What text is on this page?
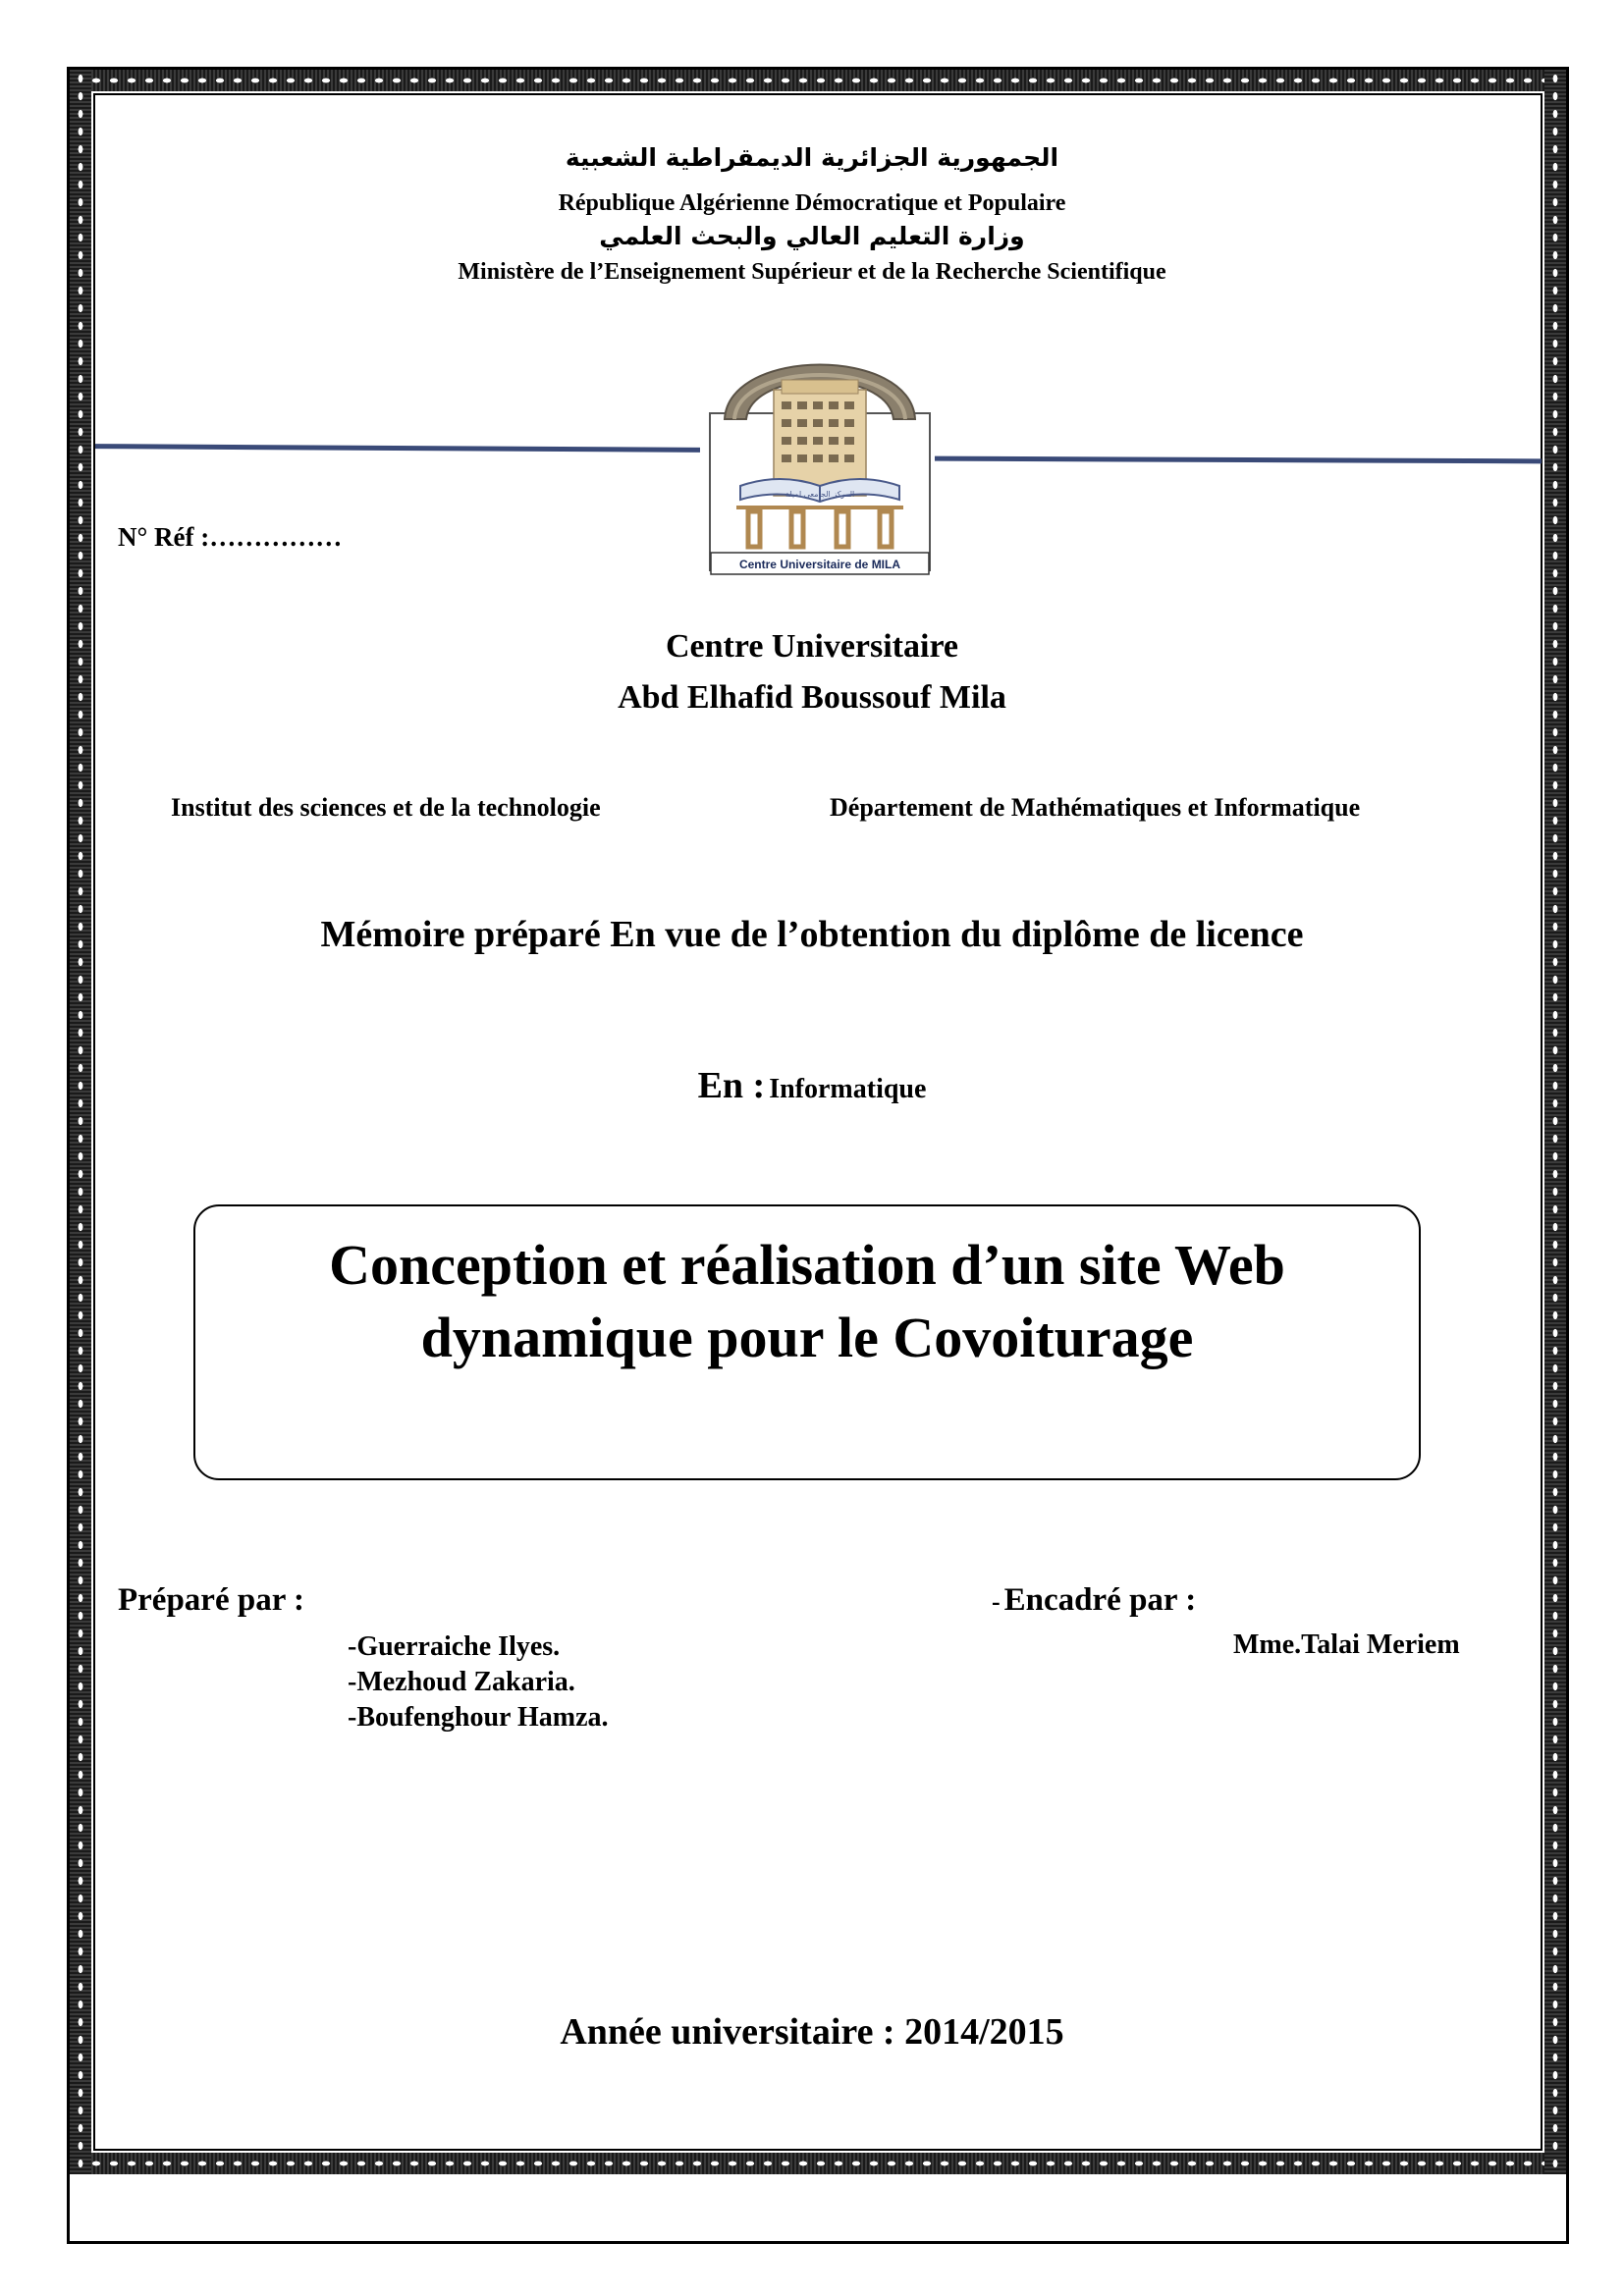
الجمهورية الجزائرية الديمقراطية الشعبية
République Algérienne Démocratique et Populaire
وزارة التعليم العالي والبحث العلمي
Ministère de l’Enseignement Supérieur et de la Recherche Scientifique
Centre Universitaire de MILA
المركز الجامعي لميلة
N° Réf :……………
Centre Universitaire
Abd Elhafid Boussouf Mila
Institut des sciences et de la technologie	Département de Mathématiques et Informatique
Mémoire préparé En vue de l’obtention du diplôme de licence
En : Informatique
Conception et réalisation d’un site Web
dynamique pour le Covoiturage
Préparé par :
-Guerraiche Ilyes.
-Mezhoud Zakaria.
-Boufenghour Hamza.
- Encadré par :
Mme.Talai Meriem
Année universitaire : 2014/2015
